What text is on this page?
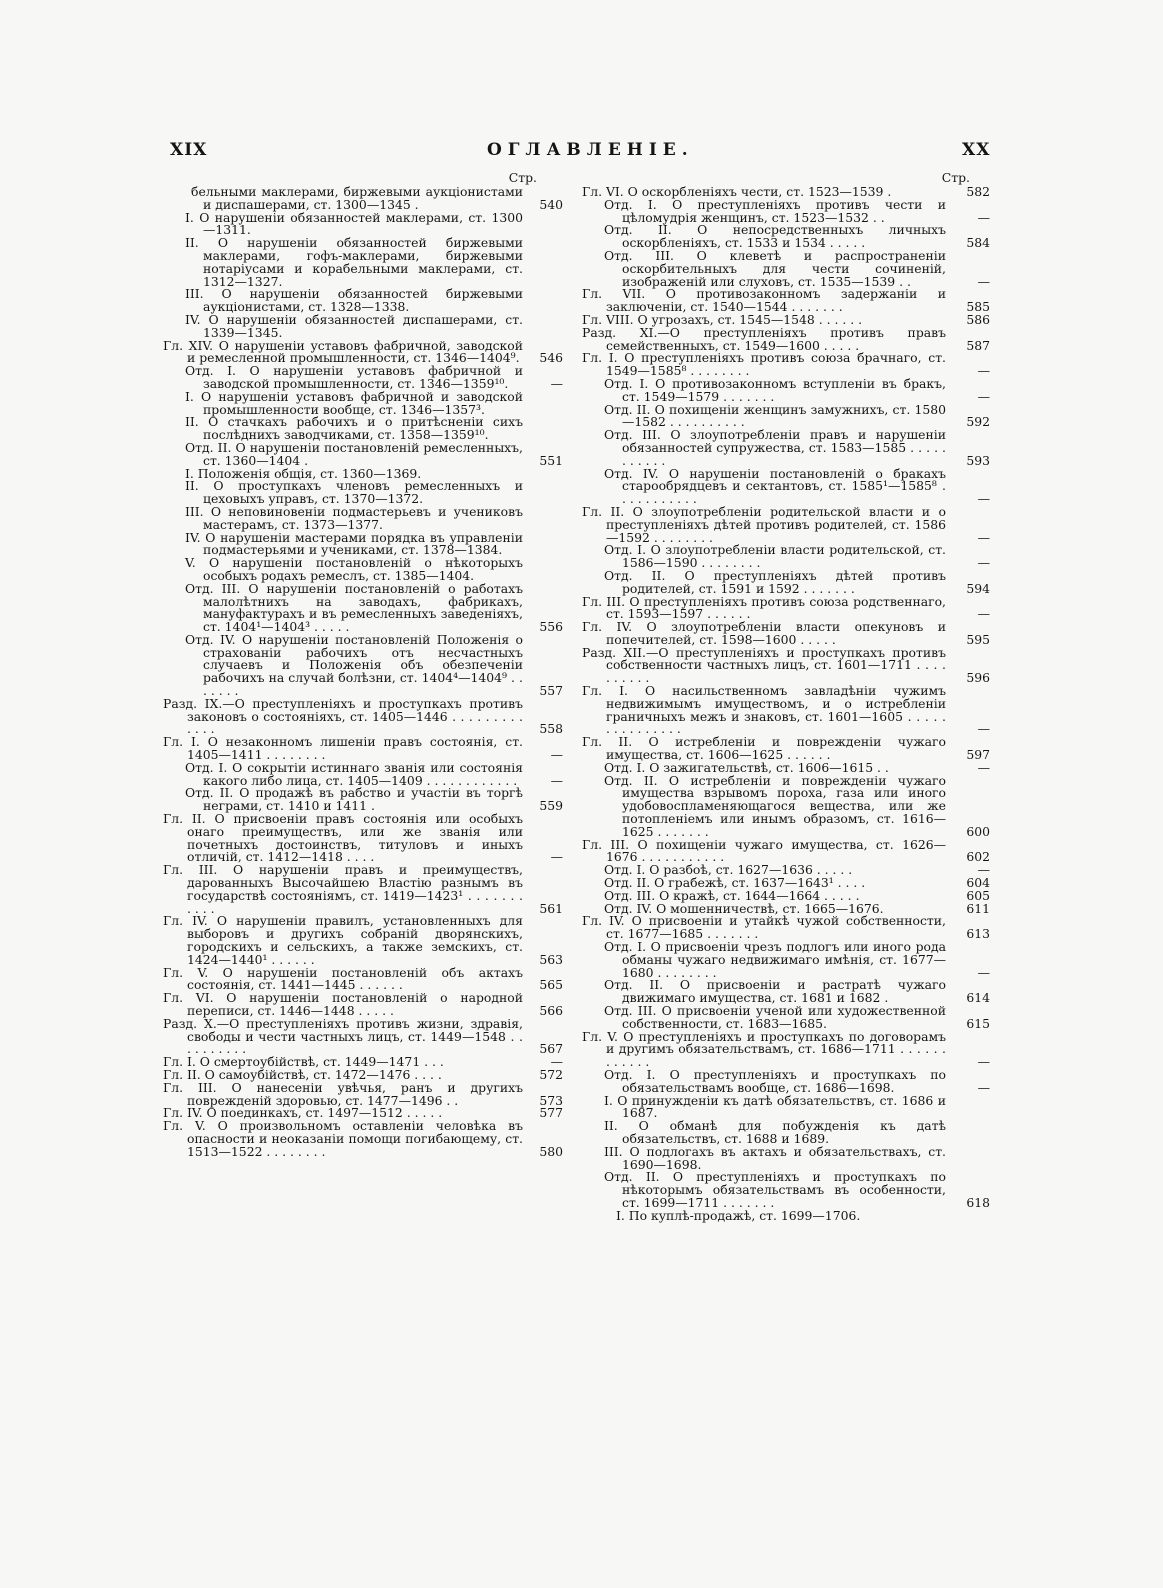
XIX	ОГЛАВЛЕНІЕ.	XX
Стр.
бельными маклерами, биржевыми аукціонистами и диспашерами, ст. 1300—1345 .	540
I. О нарушеніи обязанностей маклерами, ст. 1300—1311.
II. О нарушеніи обязанностей биржевыми маклерами, гофъ-маклерами, биржевыми нотаріусами и корабельными маклерами, ст. 1312—1327.
III. О нарушеніи обязанностей биржевыми аукціонистами, ст. 1328—1338.
IV. О нарушеніи обязанностей диспашерами, ст. 1339—1345.
Гл. XIV. О нарушеніи уставовъ фабричной, заводской и ремесленной промышленности, ст. 1346—1404⁹.	546
Отд. I. О нарушеніи уставовъ фабричной и заводской промышленности, ст. 1346—1359¹⁰.	—
I. О нарушеніи уставовъ фабричной и заводской промышленности вообще, ст. 1346—1357³.
II. О стачкахъ рабочихъ и о притѣсненіи сихъ послѣднихъ заводчиками, ст. 1358—1359¹⁰.
Отд. II. О нарушеніи постановленій ремесленныхъ, ст. 1360—1404 .	551
I. Положенія общія, ст. 1360—1369.
II. О проступкахъ членовъ ремесленныхъ и цеховыхъ управъ, ст. 1370—1372.
III. О неповиновеніи подмастерьевъ и учениковъ мастерамъ, ст. 1373—1377.
IV. О нарушеніи мастерами порядка въ управленіи подмастерьями и учениками, ст. 1378—1384.
V. О нарушеніи постановленій о нѣкоторыхъ особыхъ родахъ ремеслъ, ст. 1385—1404.
Отд. III. О нарушеніи постановленій о работахъ малолѣтнихъ на заводахъ, фабрикахъ, мануфактурахъ и въ ремесленныхъ заведеніяхъ, ст. 1404¹—1404³ . . . . .	556
Отд. IV. О нарушеніи постановленій Положенія о страхованіи рабочихъ отъ несчастныхъ случаевъ и Положенія объ обезпеченіи рабочихъ на случай болѣзни, ст. 1404⁴—1404⁹ . . . . . . .	557
Разд. IX.—О преступленіяхъ и проступкахъ противъ законовъ о состояніяхъ, ст. 1405—1446 . . . . . . . . . . . . .	558
Гл. I. О незаконномъ лишеніи правъ состоянія, ст. 1405—1411 . . . . . . . .	—
Отд. I. О сокрытіи истиннаго званія или состоянія какого либо лица, ст. 1405—1409 . . . . . . . . . . . .	—
Отд. II. О продажѣ въ рабство и участіи въ торгѣ неграми, ст. 1410 и 1411 .	559
Гл. II. О присвоеніи правъ состоянія или особыхъ онаго преимуществъ, или же званія или почетныхъ достоинствъ, титуловъ и иныхъ отличій, ст. 1412—1418 . . . .	—
Гл. III. О нарушеніи правъ и преимуществъ, дарованныхъ Высочайшею Властію разнымъ въ государствѣ состояніямъ, ст. 1419—1423¹ . . . . . . . . . . .	561
Гл. IV. О нарушеніи правилъ, установленныхъ для выборовъ и другихъ собраній дворянскихъ, городскихъ и сельскихъ, а также земскихъ, ст. 1424—1440¹ . . . . . .	563
Гл. V. О нарушеніи постановленій объ актахъ состоянія, ст. 1441—1445 . . . . . .	565
Гл. VI. О нарушеніи постановленій о народной переписи, ст. 1446—1448 . . . . .	566
Разд. X.—О преступленіяхъ противъ жизни, здравія, свободы и чести частныхъ лицъ, ст. 1449—1548 . . . . . . . . . .	567
Гл. I. О смертоубійствѣ, ст. 1449—1471 . . .	—
Гл. II. О самоубійствѣ, ст. 1472—1476 . . . .	572
Гл. III. О нанесеніи увѣчья, ранъ и другихъ поврежденій здоровью, ст. 1477—1496 . .	573
Гл. IV. О поединкахъ, ст. 1497—1512 . . . . .	577
Гл. V. О произвольномъ оставленіи человѣка въ опасности и неоказаніи помощи погибающему, ст. 1513—1522 . . . . . . . .	580
Стр.
Гл. VI. О оскорбленіяхъ чести, ст. 1523—1539 .	582
Отд. I. О преступленіяхъ противъ чести и цѣломудрія женщинъ, ст. 1523—1532 . .	—
Отд. II. О непосредственныхъ личныхъ оскорбленіяхъ, ст. 1533 и 1534 . . . . .	584
Отд. III. О клеветѣ и распространеніи оскорбительныхъ для чести сочиненій, изображеній или слуховъ, ст. 1535—1539 . .	—
Гл. VII. О противозаконномъ задержаніи и заключеніи, ст. 1540—1544 . . . . . . .	585
Гл. VIII. О угрозахъ, ст. 1545—1548 . . . . . .	586
Разд. XI.—О преступленіяхъ противъ правъ семейственныхъ, ст. 1549—1600 . . . . .	587
Гл. I. О преступленіяхъ противъ союза брачнаго, ст. 1549—1585⁸ . . . . . . . .	—
Отд. I. О противозаконномъ вступленіи въ бракъ, ст. 1549—1579 . . . . . . .	—
Отд. II. О похищеніи женщинъ замужнихъ, ст. 1580—1582 . . . . . . . . . .	592
Отд. III. О злоупотребленіи правъ и нарушеніи обязанностей супружества, ст. 1583—1585 . . . . . . . . . . .	593
Отд. IV. О нарушеніи постановленій о бракахъ старообрядцевъ и сектантовъ, ст. 1585¹—1585⁸ . . . . . . . . . . .	—
Гл. II. О злоупотребленіи родительской власти и о преступленіяхъ дѣтей противъ родителей, ст. 1586—1592 . . . . . . . .	—
Отд. I. О злоупотребленіи власти родительской, ст. 1586—1590 . . . . . . . .	—
Отд. II. О преступленіяхъ дѣтей противъ родителей, ст. 1591 и 1592 . . . . . . .	594
Гл. III. О преступленіяхъ противъ союза родственнаго, ст. 1593—1597 . . . . . .	—
Гл. IV. О злоупотребленіи власти опекуновъ и попечителей, ст. 1598—1600 . . . . .	595
Разд. XII.—О преступленіяхъ и проступкахъ противъ собственности частныхъ лицъ, ст. 1601—1711 . . . . . . . . . .	596
Гл. I. О насильственномъ завладѣніи чужимъ недвижимымъ имуществомъ, и о истребленіи граничныхъ межъ и знаковъ, ст. 1601—1605 . . . . . . . . . . . . . . .	—
Гл. II. О истребленіи и поврежденіи чужаго имущества, ст. 1606—1625 . . . . . .	597
Отд. I. О зажигательствѣ, ст. 1606—1615 . .	—
Отд. II. О истребленіи и поврежденіи чужаго имущества взрывомъ пороха, газа или иного удобовоспламеняющагося вещества, или же потопленіемъ или инымъ образомъ, ст. 1616—1625 . . . . . . .	600
Гл. III. О похищеніи чужаго имущества, ст. 1626—1676 . . . . . . . . . . .	602
Отд. I. О разбоѣ, ст. 1627—1636 . . . . .	—
Отд. II. О грабежѣ, ст. 1637—1643¹ . . . .	604
Отд. III. О кражѣ, ст. 1644—1664 . . . . .	605
Отд. IV. О мошенничествѣ, ст. 1665—1676.	611
Гл. IV. О присвоеніи и утайкѣ чужой собственности, ст. 1677—1685 . . . . . . .	613
Отд. I. О присвоеніи чрезъ подлогъ или иного рода обманы чужаго недвижимаго имѣнія, ст. 1677—1680 . . . . . . . .	—
Отд. II. О присвоеніи и растратѣ чужаго движимаго имущества, ст. 1681 и 1682 .	614
Отд. III. О присвоеніи ученой или художественной собственности, ст. 1683—1685.	615
Гл. V. О преступленіяхъ и проступкахъ по договорамъ и другимъ обязательствамъ, ст. 1686—1711 . . . . . . . . . . . .	—
Отд. I. О преступленіяхъ и проступкахъ по обязательствамъ вообще, ст. 1686—1698.	—
I. О принужденіи къ датѣ обязательствъ, ст. 1686 и 1687.
II. О обманѣ для побужденія къ датѣ обязательствъ, ст. 1688 и 1689.
III. О подлогахъ въ актахъ и обязательствахъ, ст. 1690—1698.
Отд. II. О преступленіяхъ и проступкахъ по нѣкоторымъ обязательствамъ въ особенности, ст. 1699—1711 . . . . . . .	618
I. По куплѣ-продажѣ, ст. 1699—1706.
